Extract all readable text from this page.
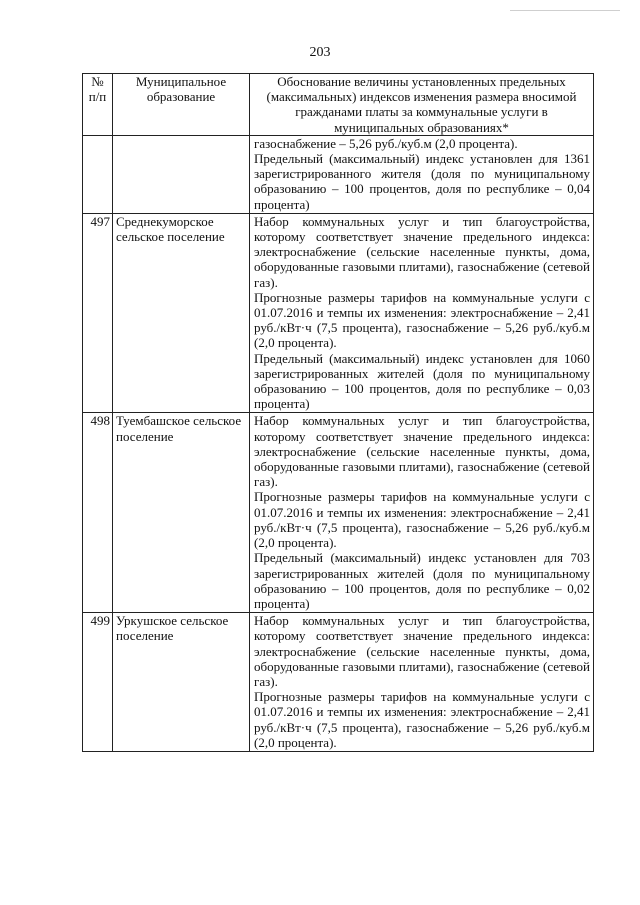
203
№
п/п	Муниципальное образование	Обоснование величины установленных предельных (максимальных) индексов изменения размера вносимой гражданами платы за коммунальные услуги в муниципальных образованиях*

		газоснабжение – 5,26 руб./куб.м (2,0 процента).

Предельный (максимальный) индекс установлен для 1361 зарегистрированного жителя (доля по муниципальному образованию – 100 процентов, доля по республике – 0,04 процента)

497	Среднекуморское сельское поселение	Набор коммунальных услуг и тип благоустройства, которому соответствует значение предельного индекса: электроснабжение (сельские населенные пункты, дома, оборудованные газовыми плитами), газоснабжение (сетевой газ).

Прогнозные размеры тарифов на коммунальные услуги с 01.07.2016 и темпы их изменения: электроснабжение – 2,41 руб./кВт·ч (7,5 процента), газоснабжение – 5,26 руб./куб.м (2,0 процента).

Предельный (максимальный) индекс установлен для 1060 зарегистрированных жителей (доля по муниципальному образованию – 100 процентов, доля по республике – 0,03 процента)

498	Туембашское сельское поселение	Набор коммунальных услуг и тип благоустройства, которому соответствует значение предельного индекса: электроснабжение (сельские населенные пункты, дома, оборудованные газовыми плитами), газоснабжение (сетевой газ).

Прогнозные размеры тарифов на коммунальные услуги с 01.07.2016 и темпы их изменения: электроснабжение – 2,41 руб./кВт·ч (7,5 процента), газоснабжение – 5,26 руб./куб.м (2,0 процента).

Предельный (максимальный) индекс установлен для 703 зарегистрированных жителей (доля по муниципальному образованию – 100 процентов, доля по республике – 0,02 процента)

499	Уркушское сельское поселение	Набор коммунальных услуг и тип благоустройства, которому соответствует значение предельного индекса: электроснабжение (сельские населенные пункты, дома, оборудованные газовыми плитами), газоснабжение (сетевой газ).

Прогнозные размеры тарифов на коммунальные услуги с 01.07.2016 и темпы их изменения: электроснабжение – 2,41 руб./кВт·ч (7,5 процента), газоснабжение – 5,26 руб./куб.м (2,0 процента).
